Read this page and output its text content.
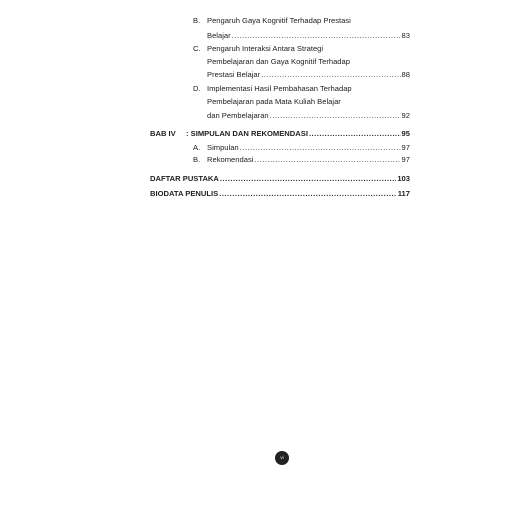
B. Pengaruh Gaya Kognitif Terhadap Prestasi
Belajar .....	83
C. Pengaruh Interaksi Antara Strategi
Pembelajaran dan Gaya Kognitif Terhadap
Prestasi Belajar .....	88
D. Implementasi Hasil Pembahasan Terhadap
Pembelajaran pada Mata Kuliah Belajar
dan Pembelajaran .....	92
BAB IV : SIMPULAN DAN REKOMENDASI .....	95
A. Simpulan .....	97
B. Rekomendasi .....	97
DAFTAR PUSTAKA .....	103
BIODATA PENULIS .....	117
vi
